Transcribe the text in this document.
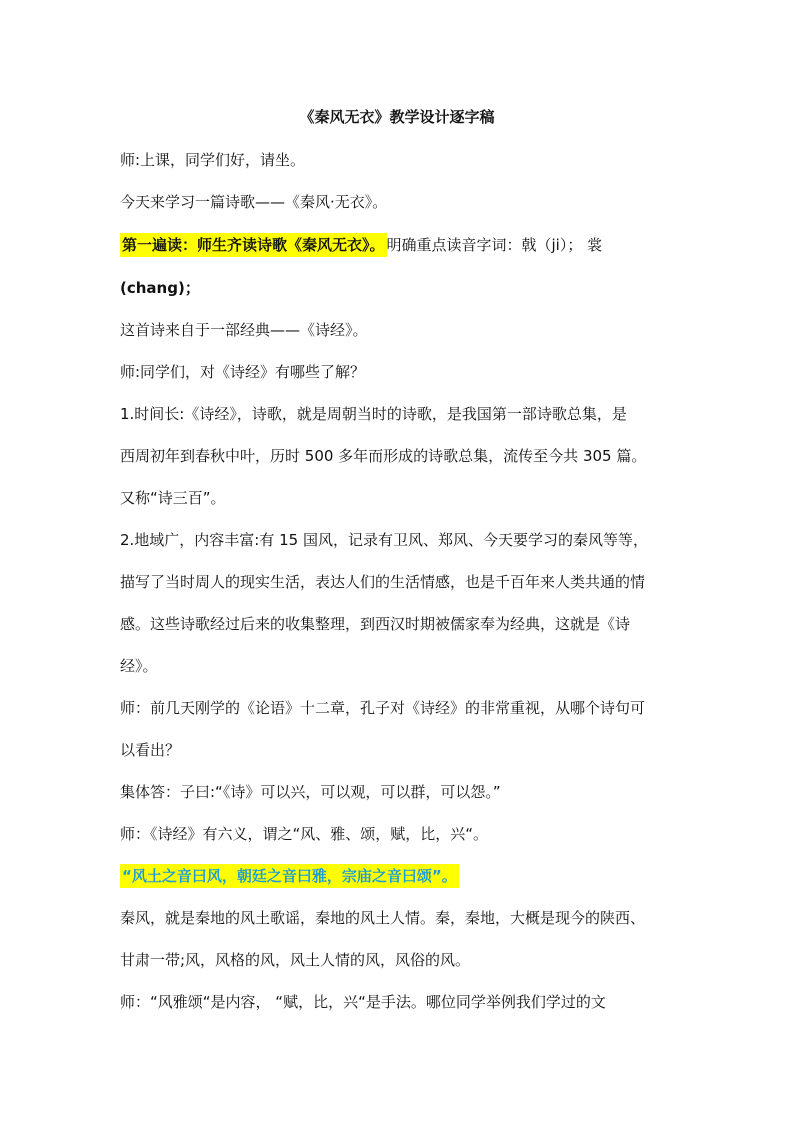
《秦风无衣》教学设计逐字稿
师:上课，同学们好，请坐。
今天来学习一篇诗歌——《秦风·无衣》。
第一遍读：师生齐读诗歌《秦风无衣》。 明确重点读音字词：戟（ji）； 裳
(chang)；
这首诗来自于一部经典——《诗经》。
师:同学们，对《诗经》有哪些了解？
1.时间长:《诗经》，诗歌，就是周朝当时的诗歌，是我国第一部诗歌总集，是
西周初年到春秋中叶，历时 500 多年而形成的诗歌总集，流传至今共 305 篇。
又称“诗三百”。
2.地域广，内容丰富:有 15 国风，记录有卫风、郑风、今天要学习的秦风等等，
描写了当时周人的现实生活，表达人们的生活情感，也是千百年来人类共通的情
感。这些诗歌经过后来的收集整理，到西汉时期被儒家奉为经典，这就是《诗
经》。
师：前几天刚学的《论语》十二章，孔子对《诗经》的非常重视，从哪个诗句可
以看出？
集体答：子曰:“《诗》可以兴，可以观，可以群，可以怨。”
师：《诗经》有六义，谓之“风、雅、颂，赋，比，兴“。
“风土之音曰风，朝廷之音曰雅，宗庙之音曰颂”。
秦风，就是秦地的风土歌谣，秦地的风土人情。秦，秦地，大概是现今的陕西、
甘肃一带;风，风格的风，风土人情的风，风俗的风。
师：“风雅颂“是内容， “赋，比，兴“是手法。哪位同学举例我们学过的文
